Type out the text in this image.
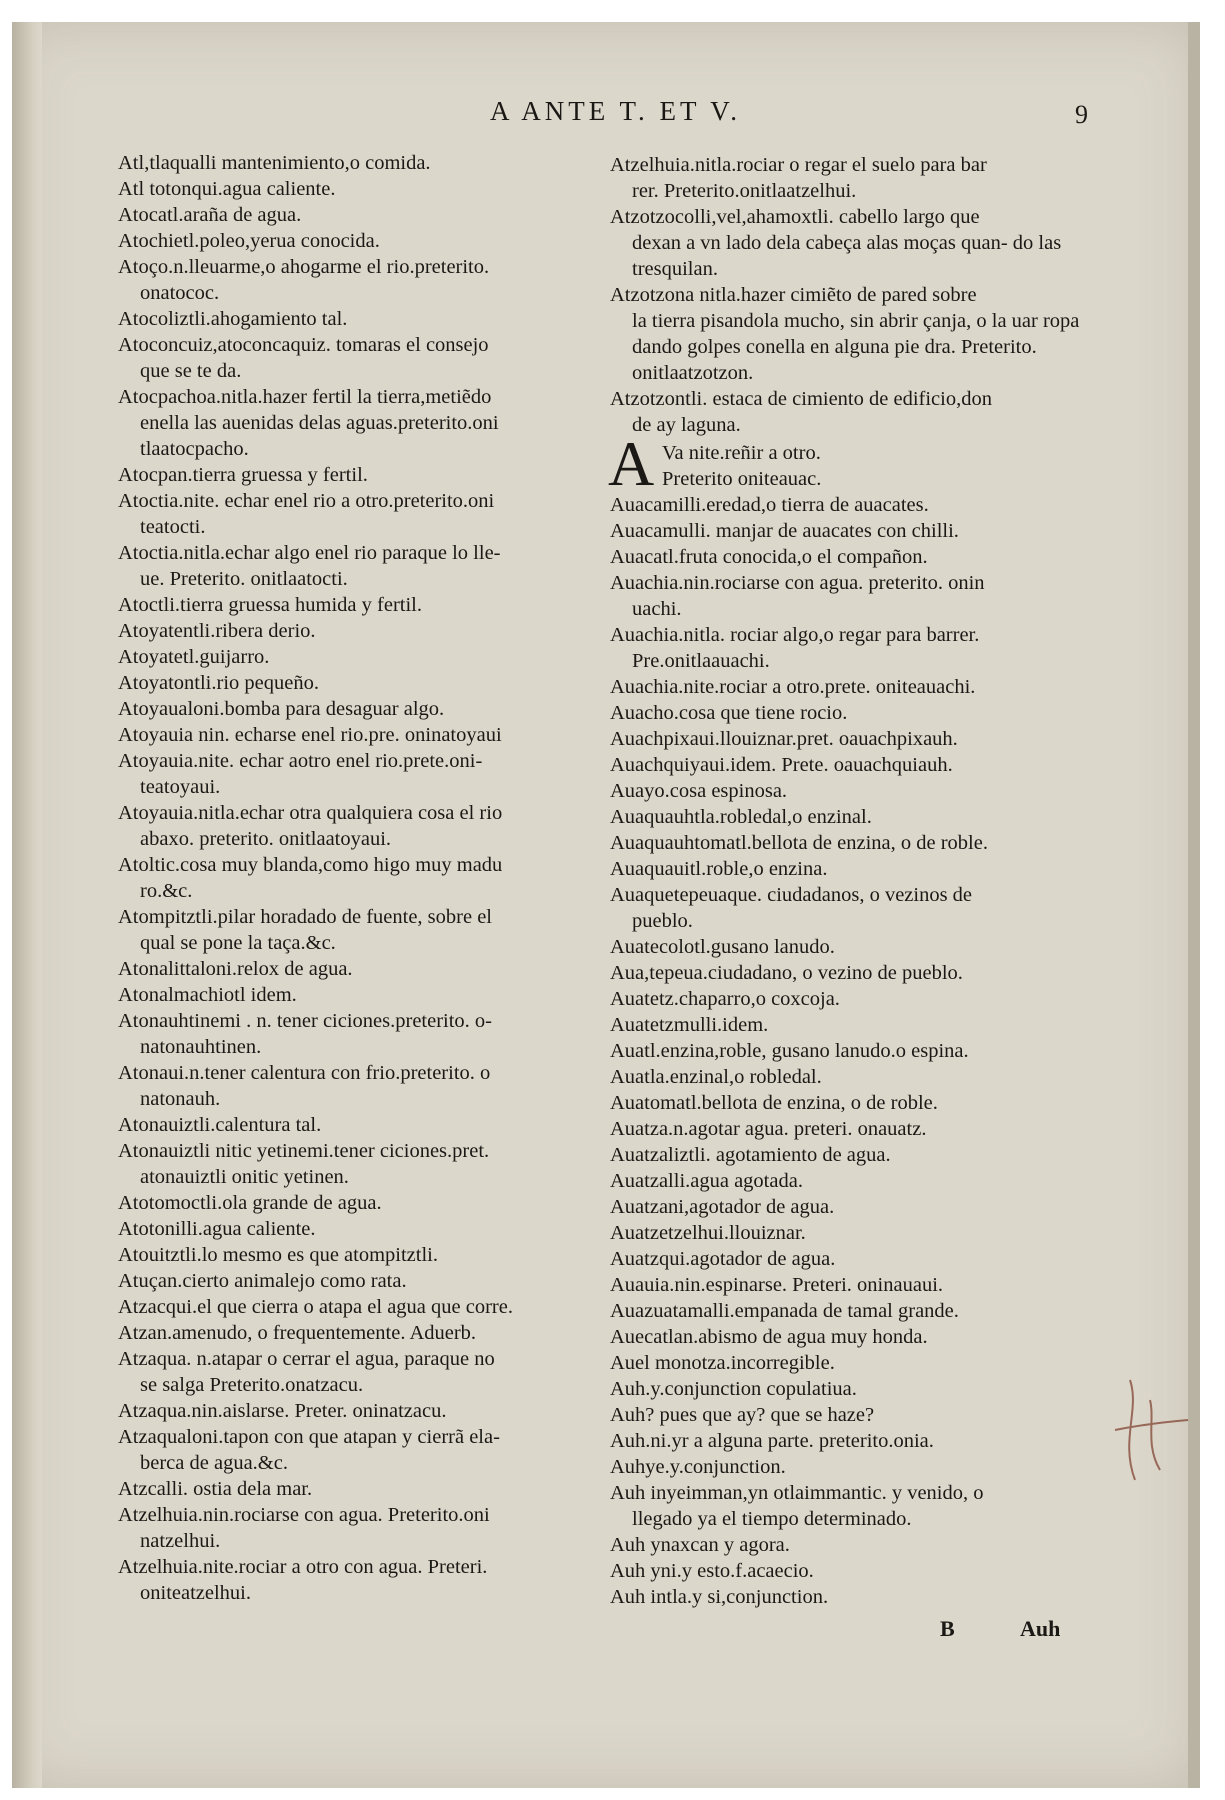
A ANTE T. ET V.	9
Atl,tlaqualli mantenimiento,o comida.
Atl totonqui.agua caliente.
Atocatl.araña de agua.
Atochietl.poleo,yerua conocida.
Atoço.n.lleuarme,o ahogarme el rio.preterito.
onatococ.
Atocoliztli.ahogamiento tal.
Atoconcuiz,atoconcaquiz. tomaras el consejo
que se te da.
Atocpachoa.nitla.hazer fertil la tierra,metiẽdo
enella las auenidas delas aguas.preterito.oni tlaatocpacho.
Atocpan.tierra gruessa y fertil.
Atoctia.nite. echar enel rio a otro.preterito.oni
teatocti.
Atoctia.nitla.echar algo enel rio paraque lo lle-
ue. Preterito. onitlaatocti.
Atoctli.tierra gruessa humida y fertil.
Atoyatentli.ribera derio.
Atoyatetl.guijarro.
Atoyatontli.rio pequeño.
Atoyaualoni.bomba para desaguar algo.
Atoyauia nin. echarse enel rio.pre. oninatoyaui
Atoyauia.nite. echar aotro enel rio.prete.oni-
teatoyaui.
Atoyauia.nitla.echar otra qualquiera cosa el rio
abaxo. preterito. onitlaatoyaui.
Atoltic.cosa muy blanda,como higo muy madu
ro.&c.
Atompitztli.pilar horadado de fuente, sobre el
qual se pone la taça.&c.
Atonalittaloni.relox de agua.
Atonalmachiotl idem.
Atonauhtinemi . n. tener ciciones.preterito. o-
natonauhtinen.
Atonaui.n.tener calentura con frio.preterito. o
natonauh.
Atonauiztli.calentura tal.
Atonauiztli nitic yetinemi.tener ciciones.pret.
atonauiztli onitic yetinen.
Atotomoctli.ola grande de agua.
Atotonilli.agua caliente.
Atouitztli.lo mesmo es que atompitztli.
Atuçan.cierto animalejo como rata.
Atzacqui.el que cierra o atapa el agua que corre.
Atzan.amenudo, o frequentemente. Aduerb.
Atzaqua. n.atapar o cerrar el agua, paraque no
se salga Preterito.onatzacu.
Atzaqua.nin.aislarse. Preter. oninatzacu.
Atzaqualoni.tapon con que atapan y cierrã ela-
berca de agua.&c.
Atzcalli. ostia dela mar.
Atzelhuia.nin.rociarse con agua. Preterito.oni
natzelhui.
Atzelhuia.nite.rociar a otro con agua. Preteri.
oniteatzelhui.
Atzelhuia.nitla.rociar o regar el suelo para bar
rer. Preterito.onitlaatzelhui.
Atzotzocolli,vel,ahamoxtli. cabello largo que
dexan a vn lado dela cabeça alas moças quan- do las tresquilan.
Atzotzona nitla.hazer cimiẽto de pared sobre
la tierra pisandola mucho, sin abrir çanja, o la uar ropa dando golpes conella en alguna pie dra. Preterito. onitlaatzotzon.
Atzotzontli. estaca de cimiento de edificio,don
de ay laguna.
Va nite.reñir a otro.
Preterito oniteauac.
Auacamilli.eredad,o tierra de auacates.
Auacamulli. manjar de auacates con chilli.
Auacatl.fruta conocida,o el compañon.
Auachia.nin.rociarse con agua. preterito. onin
uachi.
Auachia.nitla. rociar algo,o regar para barrer.
Pre.onitlaauachi.
Auachia.nite.rociar a otro.prete. oniteauachi.
Auacho.cosa que tiene rocio.
Auachpixaui.llouiznar.pret. oauachpixauh.
Auachquiyaui.idem. Prete. oauachquiauh.
Auayo.cosa espinosa.
Auaquauhtla.robledal,o enzinal.
Auaquauhtomatl.bellota de enzina, o de roble.
Auaquauitl.roble,o enzina.
Auaquetepeuaque. ciudadanos, o vezinos de
pueblo.
Auatecolotl.gusano lanudo.
Aua,tepeua.ciudadano, o vezino de pueblo.
Auatetz.chaparro,o coxcoja.
Auatetzmulli.idem.
Auatl.enzina,roble, gusano lanudo.o espina.
Auatla.enzinal,o robledal.
Auatomatl.bellota de enzina, o de roble.
Auatza.n.agotar agua. preteri. onauatz.
Auatzaliztli. agotamiento de agua.
Auatzalli.agua agotada.
Auatzani,agotador de agua.
Auatzetzelhui.llouiznar.
Auatzqui.agotador de agua.
Auauia.nin.espinarse. Preteri. oninauaui.
Auazuatamalli.empanada de tamal grande.
Auecatlan.abismo de agua muy honda.
Auel monotza.incorregible.
Auh.y.conjunction copulatiua.
Auh? pues que ay? que se haze?
Auh.ni.yr a alguna parte. preterito.onia.
Auhye.y.conjunction.
Auh inyeimman,yn otlaimmantic. y venido, o
llegado ya el tiempo determinado.
Auh ynaxcan y agora.
Auh yni.y esto.f.acaecio.
Auh intla.y si,conjunction.
A
B	Auh
